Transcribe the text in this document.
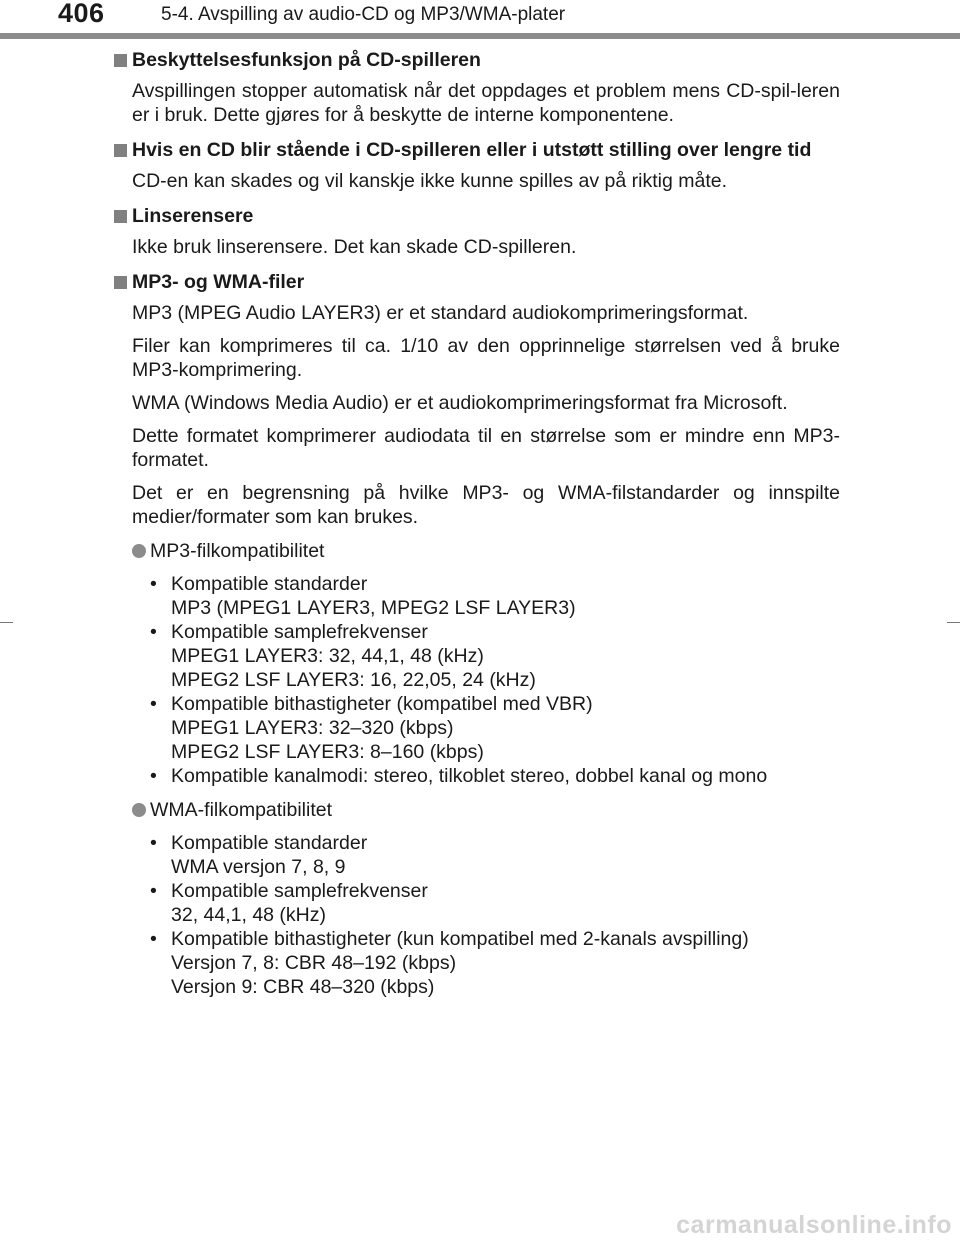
406	5-4. Avspilling av audio-CD og MP3/WMA-plater
Beskyttelsesfunksjon på CD-spilleren
Avspillingen stopper automatisk når det oppdages et problem mens CD-spil-leren er i bruk. Dette gjøres for å beskytte de interne komponentene.
Hvis en CD blir stående i CD-spilleren eller i utstøtt stilling over lengre tid
CD-en kan skades og vil kanskje ikke kunne spilles av på riktig måte.
Linserensere
Ikke bruk linserensere. Det kan skade CD-spilleren.
MP3- og WMA-filer
MP3 (MPEG Audio LAYER3) er et standard audiokomprimeringsformat.
Filer kan komprimeres til ca. 1/10 av den opprinnelige størrelsen ved å bruke MP3-komprimering.
WMA (Windows Media Audio) er et audiokomprimeringsformat fra Microsoft.
Dette formatet komprimerer audiodata til en størrelse som er mindre enn MP3-formatet.
Det er en begrensning på hvilke MP3- og WMA-filstandarder og innspilte medier/formater som kan brukes.
MP3-filkompatibilitet
• Kompatible standarder
MP3 (MPEG1 LAYER3, MPEG2 LSF LAYER3)
• Kompatible samplefrekvenser
MPEG1 LAYER3: 32, 44,1, 48 (kHz)
MPEG2 LSF LAYER3: 16, 22,05, 24 (kHz)
• Kompatible bithastigheter (kompatibel med VBR)
MPEG1 LAYER3: 32–320 (kbps)
MPEG2 LSF LAYER3: 8–160 (kbps)
• Kompatible kanalmodi: stereo, tilkoblet stereo, dobbel kanal og mono
WMA-filkompatibilitet
• Kompatible standarder
WMA versjon 7, 8, 9
• Kompatible samplefrekvenser
32, 44,1, 48 (kHz)
• Kompatible bithastigheter (kun kompatibel med 2-kanals avspilling)
Versjon 7, 8: CBR 48–192 (kbps)
Versjon 9: CBR 48–320 (kbps)
carmanualsonline.info
